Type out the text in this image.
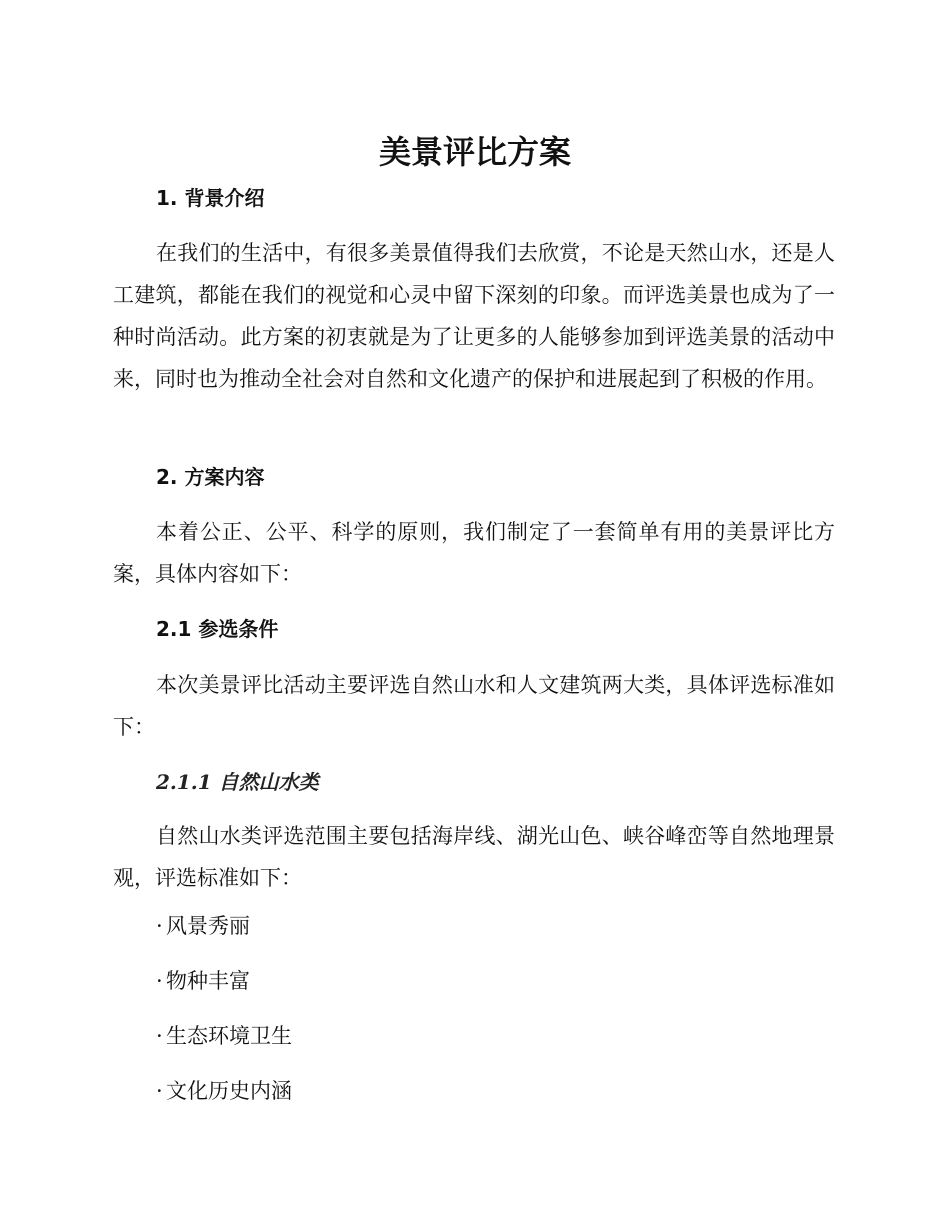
美景评比方案
1. 背景介绍

在我们的生活中，有很多美景值得我们去欣赏，不论是天然山水，还是人工建筑，都能在我们的视觉和心灵中留下深刻的印象。而评选美景也成为了一种时尚活动。此方案的初衷就是为了让更多的人能够参加到评选美景的活动中来，同时也为推动全社会对自然和文化遗产的保护和进展起到了积极的作用。

2. 方案内容

本着公正、公平、科学的原则，我们制定了一套简单有用的美景评比方案，具体内容如下：

2.1 参选条件

本次美景评比活动主要评选自然山水和人文建筑两大类，具体评选标准如下：

2.1.1 自然山水类

自然山水类评选范围主要包括海岸线、湖光山色、峡谷峰峦等自然地理景观，评选标准如下：

· 风景秀丽
· 物种丰富
· 生态环境卫生
· 文化历史内涵
